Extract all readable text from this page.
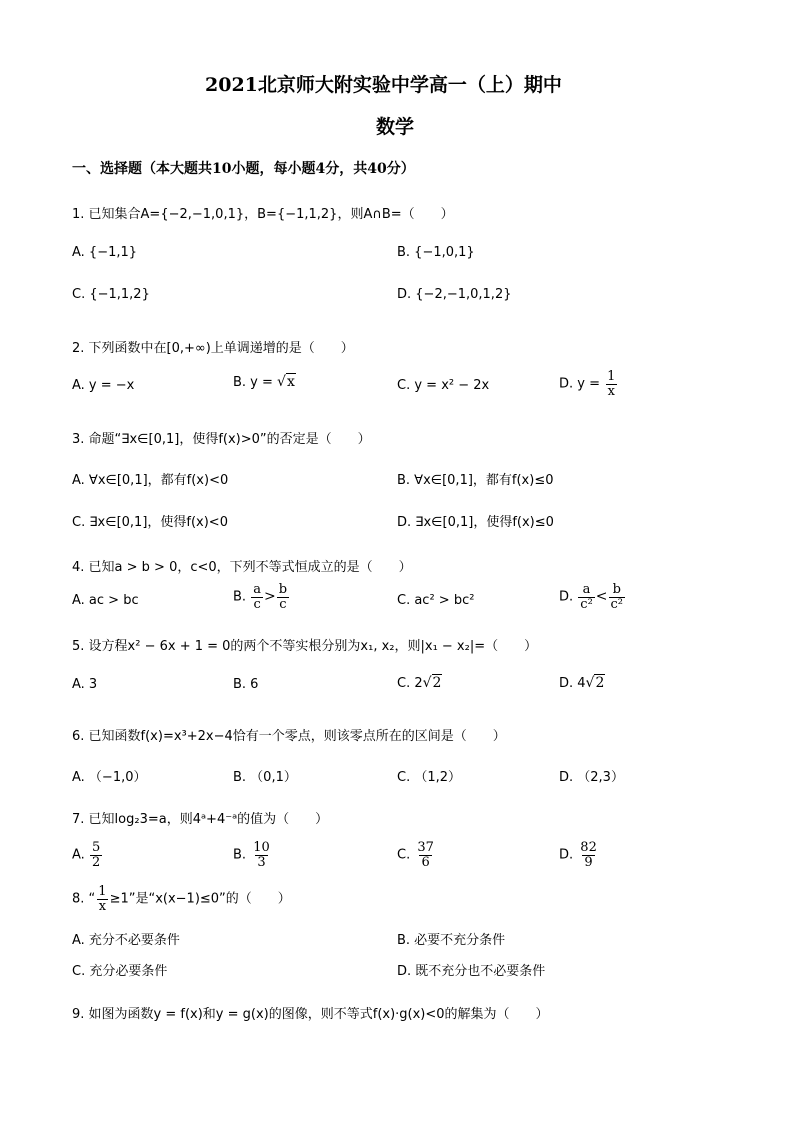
2021北京师大附实验中学高一（上）期中
数学
一、选择题（本大题共10小题，每小题4分，共40分）
1. 已知集合A={−2,−1,0,1}，B={−1,1,2}，则A∩B=（　　）
A. {−1,1}	B. {−1,0,1}
C. {−1,1,2}	D. {−2,−1,0,1,2}
2. 下列函数中在[0,+∞)上单调递增的是（　　）
A. y = −x	B. y = √x	C. y = x² − 2x	D. $y = \frac{1}{x}$
3. 命题“∃x∈[0,1]，使得f(x)>0”的否定是（　　）
A. ∀x∈[0,1]，都有f(x)<0	B. ∀x∈[0,1]，都有f(x)≤0
C. ∃x∈[0,1]，使得f(x)<0	D. ∃x∈[0,1]，使得f(x)≤0
4. 已知a > b > 0，c<0，下列不等式恒成立的是（　　）
A. ac > bc	B. $\frac{a}{c} > \frac{b}{c}$	C. ac² > bc²	D. $\frac{a}{\text{c²}} < \frac{b}{\text{c²}}$
5. 设方程x² − 6x + 1 = 0的两个不等实根分别为x₁, x₂，则|x₁ − x₂|=（　　）
A. 3	B. 6	C. 2√2	D. 4√2
6. 已知函数f(x)=x³+2x−4恰有一个零点，则该零点所在的区间是（　　）
A. （−1,0）	B. （0,1）	C. （1,2）	D. （2,3）
7. 已知log₂3=a，则4ᵃ+4⁻ᵃ的值为（　　）
A. $\frac{5}{2}$	B. $\frac{10}{3}$	C. $\frac{37}{6}$	D. $\frac{82}{9}$
8. “ $\frac{1}{x} \ge 1$”是“x(x−1)≤0”的（　　）
A. 充分不必要条件	B. 必要不充分条件
C. 充分必要条件	D. 既不充分也不必要条件
9. 如图为函数y = f(x)和y = g(x)的图像，则不等式f(x)·g(x)<0的解集为（　　）
